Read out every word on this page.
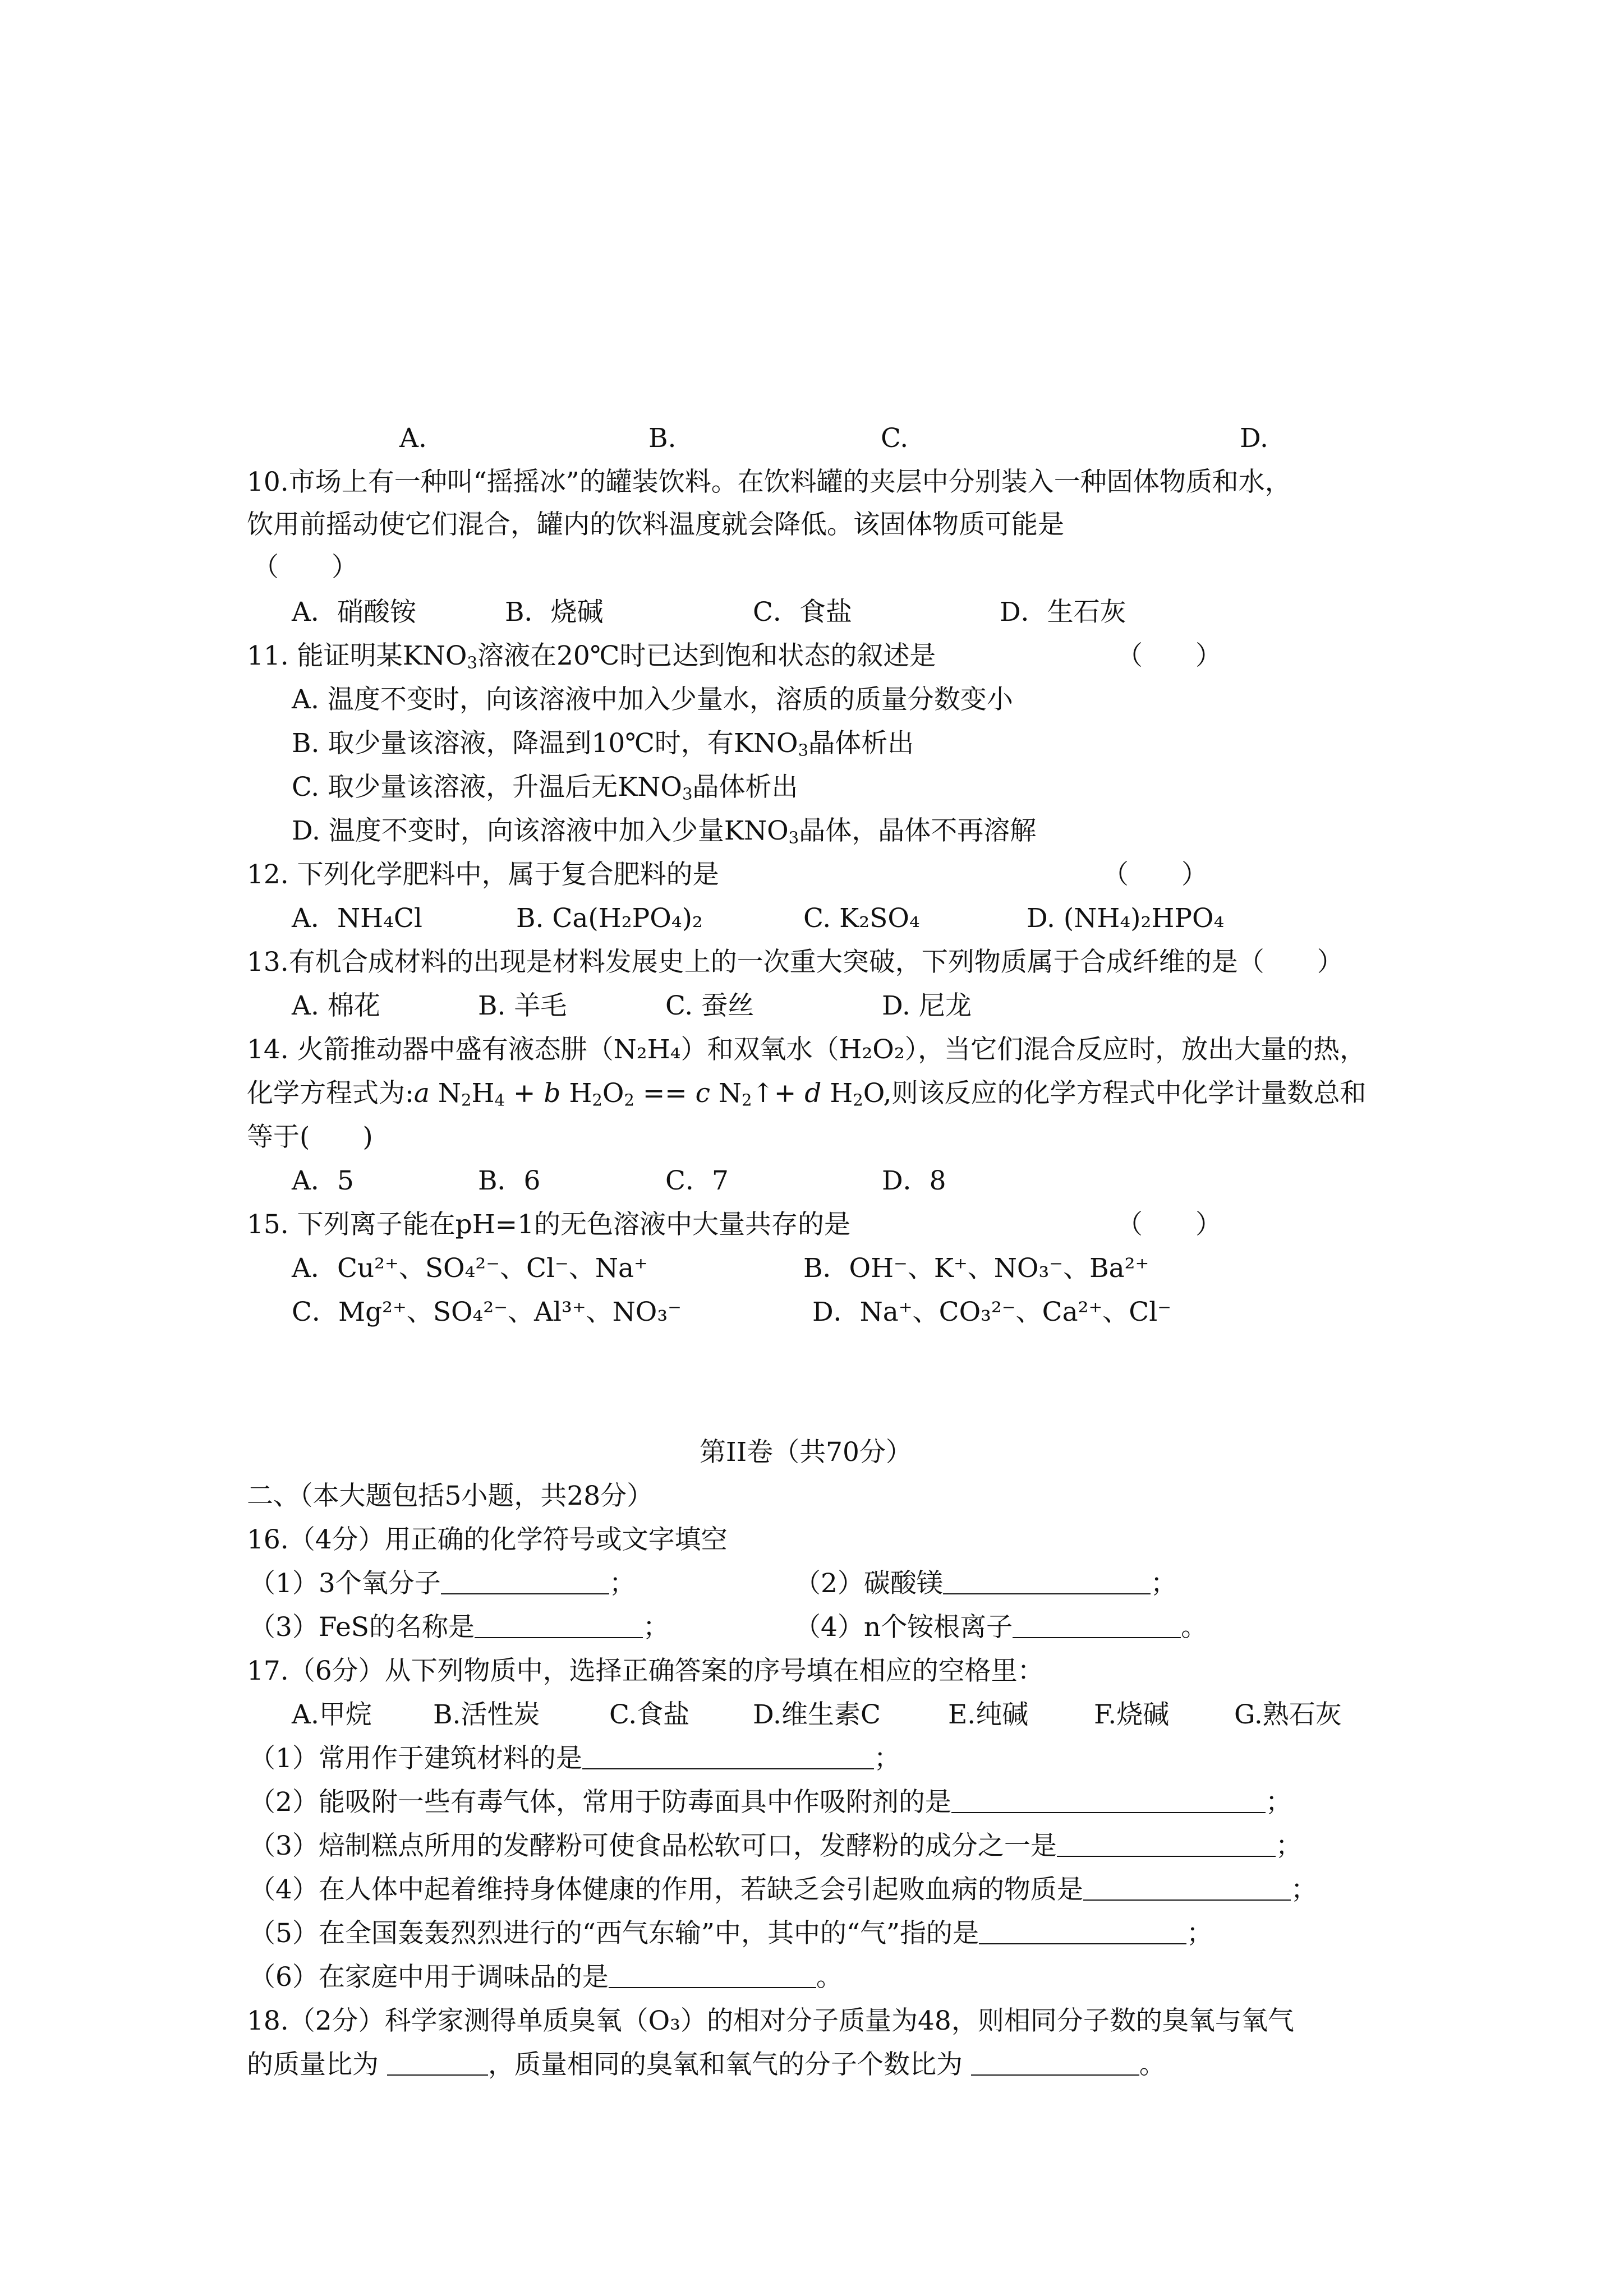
A.	B.	C.	D.
10.市场上有一种叫“摇摇冰”的罐装饮料。在饮料罐的夹层中分别装入一种固体物质和水，
饮用前摇动使它们混合，罐内的饮料温度就会降低。该固体物质可能是
（　　）
A．硝酸铵	B．烧碱	C．食盐	D．生石灰
11. 能证明某$KNO_3$溶液在20℃时已达到饱和状态的叙述是	（　　）
A. 温度不变时，向该溶液中加入少量水，溶质的质量分数变小
B. 取少量该溶液，降温到10℃时，有$KNO_3$晶体析出
C. 取少量该溶液，升温后无$KNO_3$晶体析出
D. 温度不变时，向该溶液中加入少量$KNO_3$晶体，晶体不再溶解
12. 下列化学肥料中，属于复合肥料的是	（　　）
A．NH₄Cl	B. Ca(H₂PO₄)₂	C. K₂SO₄	D. (NH₄)₂HPO₄
13.有机合成材料的出现是材料发展史上的一次重大突破，下列物质属于合成纤维的是（　　）
A. 棉花	B. 羊毛	C. 蚕丝	D. 尼龙
14. 火箭推动器中盛有液态肼（N₂H₄）和双氧水（H₂O₂），当它们混合反应时，放出大量的热，
化学方程式为:a $N_2H_4 + b$ $H_2O_2 == c$ $N_2↑+ d$ $H_2O$,则该反应的化学方程式中化学计量数总和
等于(　　)
A．5	B．6	C．7	D．8
15. 下列离子能在pH=1的无色溶液中大量共存的是	（　　）
A．Cu²⁺、SO₄²⁻、Cl⁻、Na⁺	B．OH⁻、K⁺、NO₃⁻、Ba²⁺
C．Mg²⁺、SO₄²⁻、Al³⁺、NO₃⁻	D．Na⁺、CO₃²⁻、Ca²⁺、Cl⁻
第II卷（共70分）
二、（本大题包括5小题，共28分）
16.（4分）用正确的化学符号或文字填空
（1）3个氧分子	；	（2）碳酸镁	；
（3）FeS的名称是	；	（4）n个铵根离子	。
17.（6分）从下列物质中，选择正确答案的序号填在相应的空格里：
A.甲烷 B.活性炭	C.食盐 D.维生素C	E.纯碱 F.烧碱 G.熟石灰
（1）常用作于建筑材料的是	；
（2）能吸附一些有毒气体，常用于防毒面具中作吸附剂的是	；
（3）焙制糕点所用的发酵粉可使食品松软可口，发酵粉的成分之一是	；
（4）在人体中起着维持身体健康的作用，若缺乏会引起败血病的物质是	；
（5）在全国轰轰烈烈进行的“西气东输”中，其中的“气”指的是	；
（6）在家庭中用于调味品的是	。
18.（2分）科学家测得单质臭氧（O₃）的相对分子质量为48，则相同分子数的臭氧与氧气
的质量比为	，质量相同的臭氧和氧气的分子个数比为	。
